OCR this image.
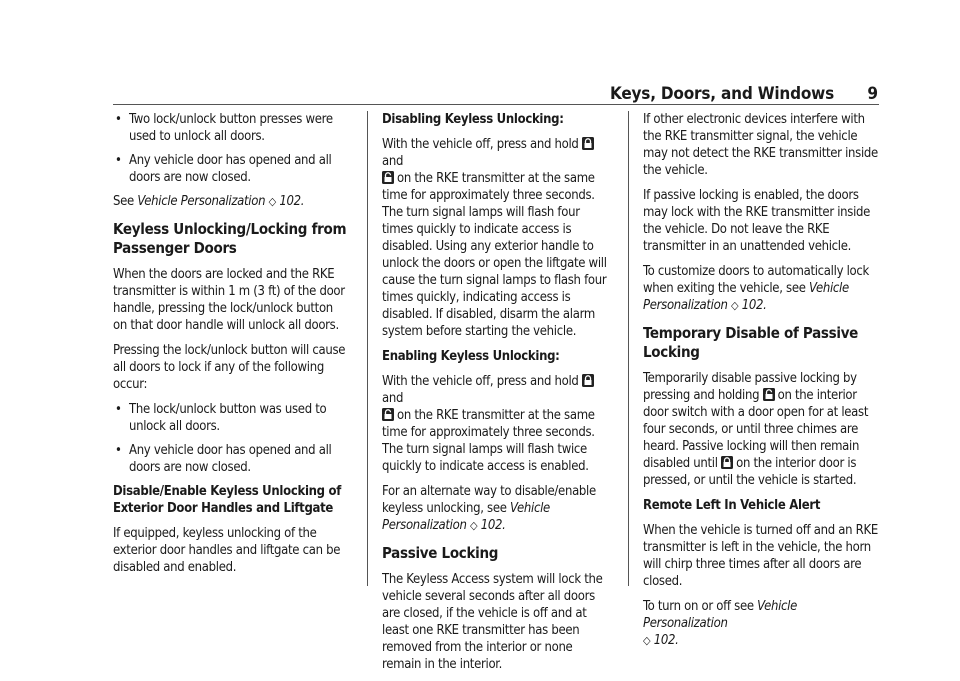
Keys, Doors, and Windows 9
• Two lock/unlock button presses were used to unlock all doors.
• Any vehicle door has opened and all doors are now closed.

See Vehicle Personalization ◇ 102.

Keyless Unlocking/Locking from Passenger Doors

When the doors are locked and the RKE transmitter is within 1 m (3 ft) of the door handle, pressing the lock/unlock button on that door handle will unlock all doors.

Pressing the lock/unlock button will cause all doors to lock if any of the following occur:

• The lock/unlock button was used to unlock all doors.
• Any vehicle door has opened and all doors are now closed.

Disable/Enable Keyless Unlocking of Exterior Door Handles and Liftgate

If equipped, keyless unlocking of the exterior door handles and liftgate can be disabled and enabled.

Disabling Keyless Unlocking:

With the vehicle off, press and hold and
on the RKE transmitter at the same time for approximately three seconds. The turn signal lamps will flash four times quickly to indicate access is disabled. Using any exterior handle to unlock the doors or open the liftgate will cause the turn signal lamps to flash four times quickly, indicating access is disabled. If disabled, disarm the alarm system before starting the vehicle.

Enabling Keyless Unlocking:

With the vehicle off, press and hold and
on the RKE transmitter at the same time for approximately three seconds. The turn signal lamps will flash twice quickly to indicate access is enabled.

For an alternate way to disable/enable keyless unlocking, see Vehicle Personalization ◇ 102.

Passive Locking

The Keyless Access system will lock the vehicle several seconds after all doors are closed, if the vehicle is off and at least one RKE transmitter has been removed from the interior or none remain in the interior.

If other electronic devices interfere with the RKE transmitter signal, the vehicle may not detect the RKE transmitter inside the vehicle.

If passive locking is enabled, the doors may lock with the RKE transmitter inside the vehicle. Do not leave the RKE transmitter in an unattended vehicle.

To customize doors to automatically lock when exiting the vehicle, see Vehicle Personalization ◇ 102.

Temporary Disable of Passive Locking

Temporarily disable passive locking by pressing and holding on the interior door switch with a door open for at least four seconds, or until three chimes are heard. Passive locking will then remain disabled until on the interior door is pressed, or until the vehicle is started.

Remote Left In Vehicle Alert

When the vehicle is turned off and an RKE transmitter is left in the vehicle, the horn will chirp three times after all doors are closed.

To turn on or off see Vehicle Personalization
◇ 102.
